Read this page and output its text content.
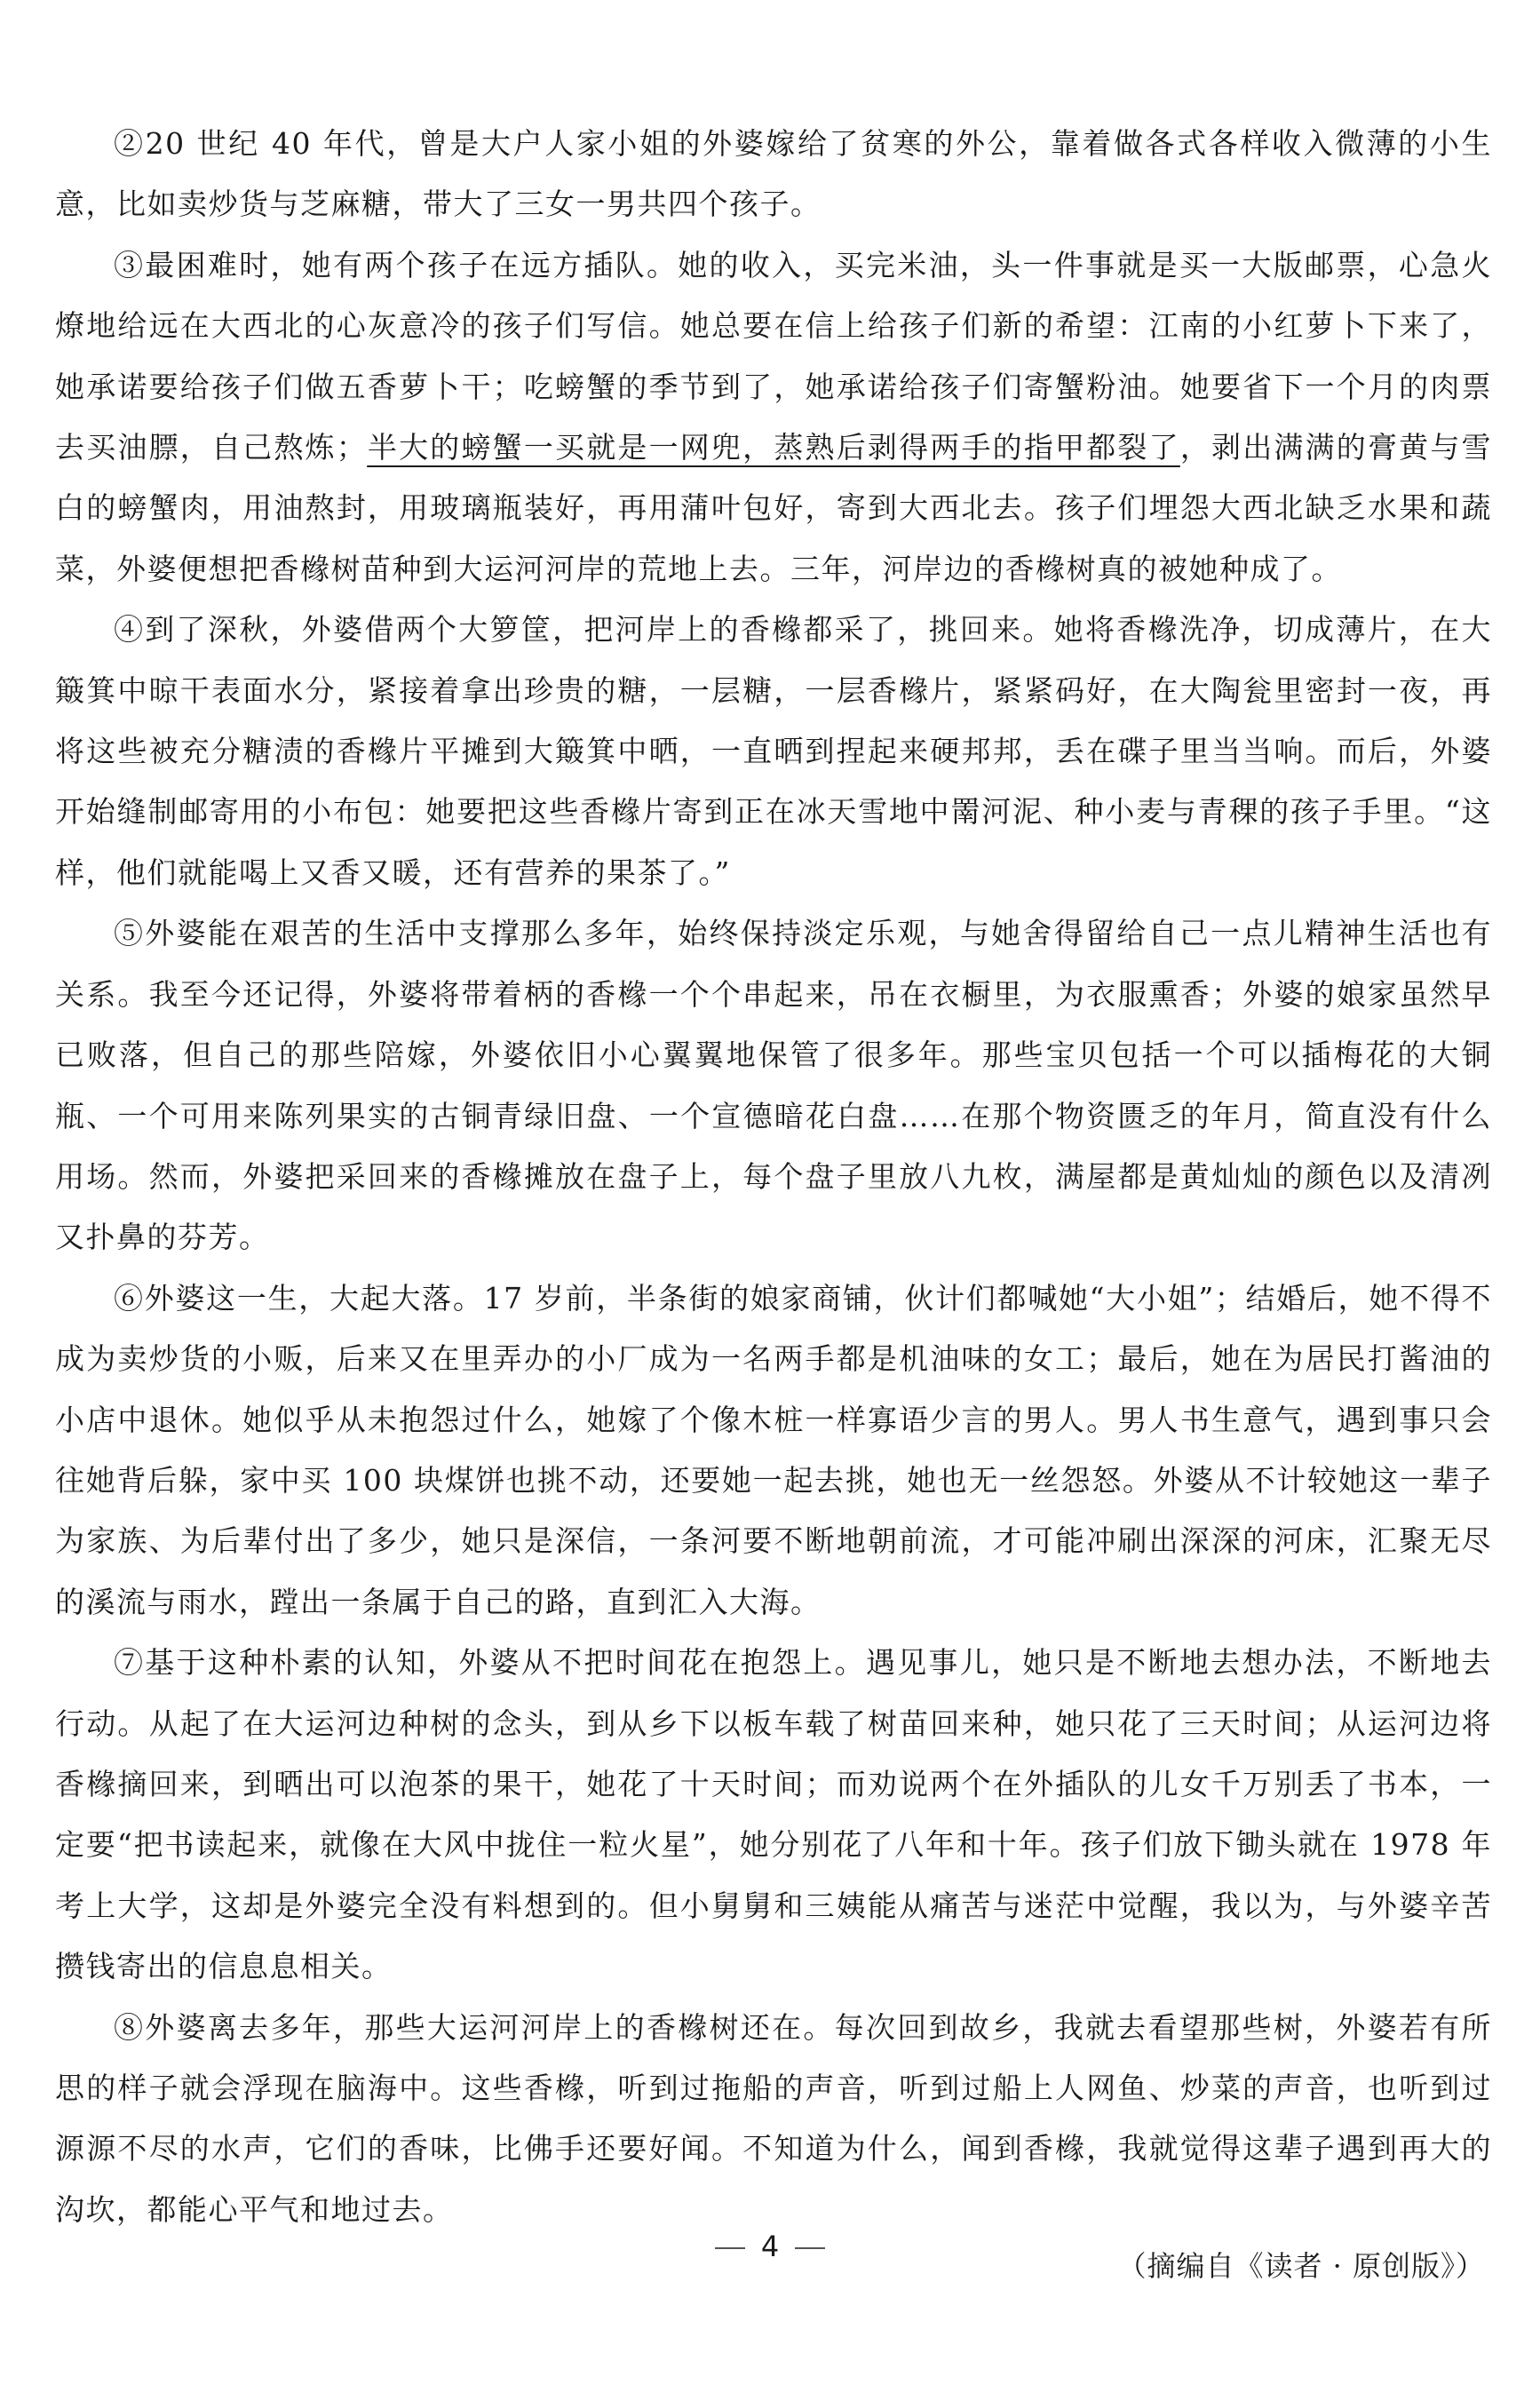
②20 世纪 40 年代，曾是大户人家小姐的外婆嫁给了贫寒的外公，靠着做各式各样收入微薄的小生意，比如卖炒货与芝麻糖，带大了三女一男共四个孩子。

③最困难时，她有两个孩子在远方插队。她的收入，买完米油，头一件事就是买一大版邮票，心急火燎地给远在大西北的心灰意冷的孩子们写信。她总要在信上给孩子们新的希望：江南的小红萝卜下来了，她承诺要给孩子们做五香萝卜干；吃螃蟹的季节到了，她承诺给孩子们寄蟹粉油。她要省下一个月的肉票去买油膘，自己熬炼；半大的螃蟹一买就是一网兜，蒸熟后剥得两手的指甲都裂了，剥出满满的膏黄与雪白的螃蟹肉，用油熬封，用玻璃瓶装好，再用蒲叶包好，寄到大西北去。孩子们埋怨大西北缺乏水果和蔬菜，外婆便想把香橼树苗种到大运河河岸的荒地上去。三年，河岸边的香橼树真的被她种成了。

④到了深秋，外婆借两个大箩筐，把河岸上的香橼都采了，挑回来。她将香橼洗净，切成薄片，在大簸箕中晾干表面水分，紧接着拿出珍贵的糖，一层糖，一层香橼片，紧紧码好，在大陶瓮里密封一夜，再将这些被充分糖渍的香橼片平摊到大簸箕中晒，一直晒到捏起来硬邦邦，丢在碟子里当当响。而后，外婆开始缝制邮寄用的小布包：她要把这些香橼片寄到正在冰天雪地中罱河泥、种小麦与青稞的孩子手里。“这样，他们就能喝上又香又暖，还有营养的果茶了。”

⑤外婆能在艰苦的生活中支撑那么多年，始终保持淡定乐观，与她舍得留给自己一点儿精神生活也有关系。我至今还记得，外婆将带着柄的香橼一个个串起来，吊在衣橱里，为衣服熏香；外婆的娘家虽然早已败落，但自己的那些陪嫁，外婆依旧小心翼翼地保管了很多年。那些宝贝包括一个可以插梅花的大铜瓶、一个可用来陈列果实的古铜青绿旧盘、一个宣德暗花白盘……在那个物资匮乏的年月，简直没有什么用场。然而，外婆把采回来的香橼摊放在盘子上，每个盘子里放八九枚，满屋都是黄灿灿的颜色以及清冽又扑鼻的芬芳。

⑥外婆这一生，大起大落。17 岁前，半条街的娘家商铺，伙计们都喊她“大小姐”；结婚后，她不得不成为卖炒货的小贩，后来又在里弄办的小厂成为一名两手都是机油味的女工；最后，她在为居民打酱油的小店中退休。她似乎从未抱怨过什么，她嫁了个像木桩一样寡语少言的男人。男人书生意气，遇到事只会往她背后躲，家中买 100 块煤饼也挑不动，还要她一起去挑，她也无一丝怨怒。外婆从不计较她这一辈子为家族、为后辈付出了多少，她只是深信，一条河要不断地朝前流，才可能冲刷出深深的河床，汇聚无尽的溪流与雨水，蹚出一条属于自己的路，直到汇入大海。

⑦基于这种朴素的认知，外婆从不把时间花在抱怨上。遇见事儿，她只是不断地去想办法，不断地去行动。从起了在大运河边种树的念头，到从乡下以板车载了树苗回来种，她只花了三天时间；从运河边将香橼摘回来，到晒出可以泡茶的果干，她花了十天时间；而劝说两个在外插队的儿女千万别丢了书本，一定要“把书读起来，就像在大风中拢住一粒火星”，她分别花了八年和十年。孩子们放下锄头就在 1978 年考上大学，这却是外婆完全没有料想到的。但小舅舅和三姨能从痛苦与迷茫中觉醒，我以为，与外婆辛苦攒钱寄出的信息息相关。

⑧外婆离去多年，那些大运河河岸上的香橼树还在。每次回到故乡，我就去看望那些树，外婆若有所思的样子就会浮现在脑海中。这些香橼，听到过拖船的声音，听到过船上人网鱼、炒菜的声音，也听到过源源不尽的水声，它们的香味，比佛手还要好闻。不知道为什么，闻到香橼，我就觉得这辈子遇到再大的沟坎，都能心平气和地过去。

（摘编自《读者 · 原创版》）

4
